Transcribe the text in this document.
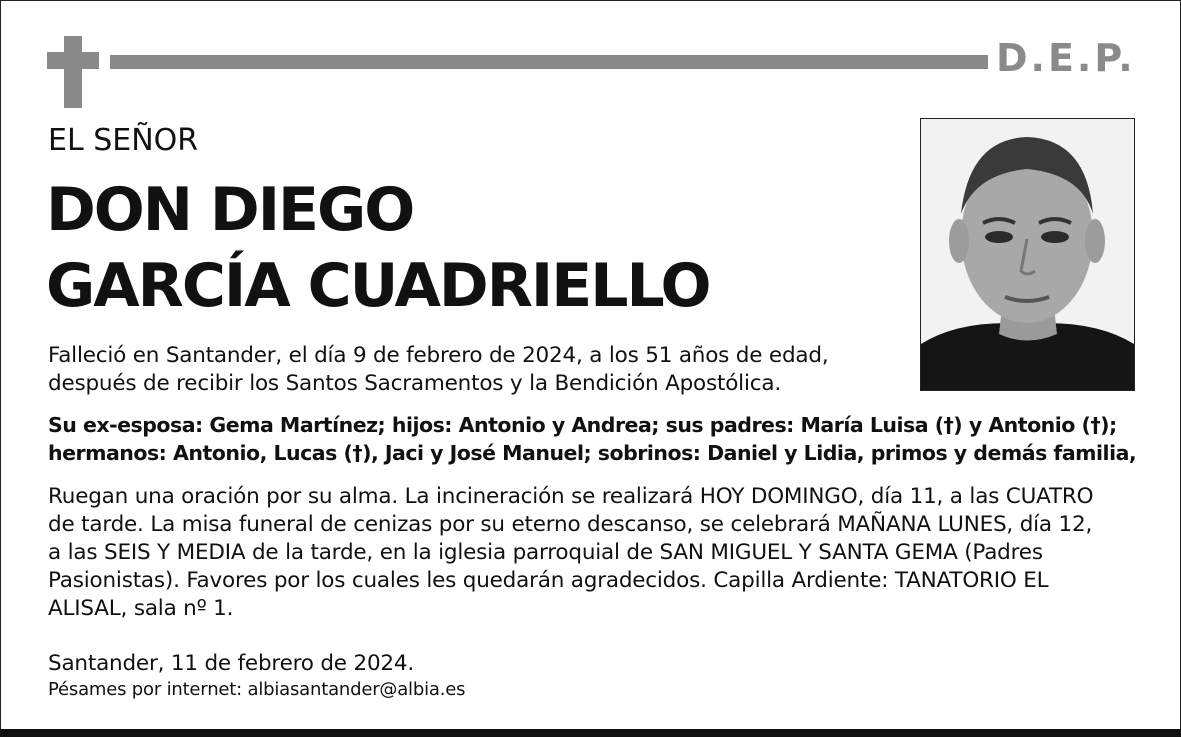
D.E.P.
EL SEÑOR
DON DIEGO
GARCÍA CUADRIELLO

Falleció en Santander, el día 9 de febrero de 2024, a los 51 años de edad,
después de recibir los Santos Sacramentos y la Bendición Apostólica.

Su ex-esposa: Gema Martínez; hijos: Antonio y Andrea; sus padres: María Luisa (†) y Antonio (†);
hermanos: Antonio, Lucas (†), Jaci y José Manuel; sobrinos: Daniel y Lidia, primos y demás familia,

Ruegan una oración por su alma. La incineración se realizará HOY DOMINGO, día 11, a las CUATRO
de tarde. La misa funeral de cenizas por su eterno descanso, se celebrará MAÑANA LUNES, día 12,
a las SEIS Y MEDIA de la tarde, en la iglesia parroquial de SAN MIGUEL Y SANTA GEMA (Padres
Pasionistas). Favores por los cuales les quedarán agradecidos. Capilla Ardiente: TANATORIO EL
ALISAL, sala nº 1.

Santander, 11 de febrero de 2024.

Pésames por internet: albiasantander@albia.es
